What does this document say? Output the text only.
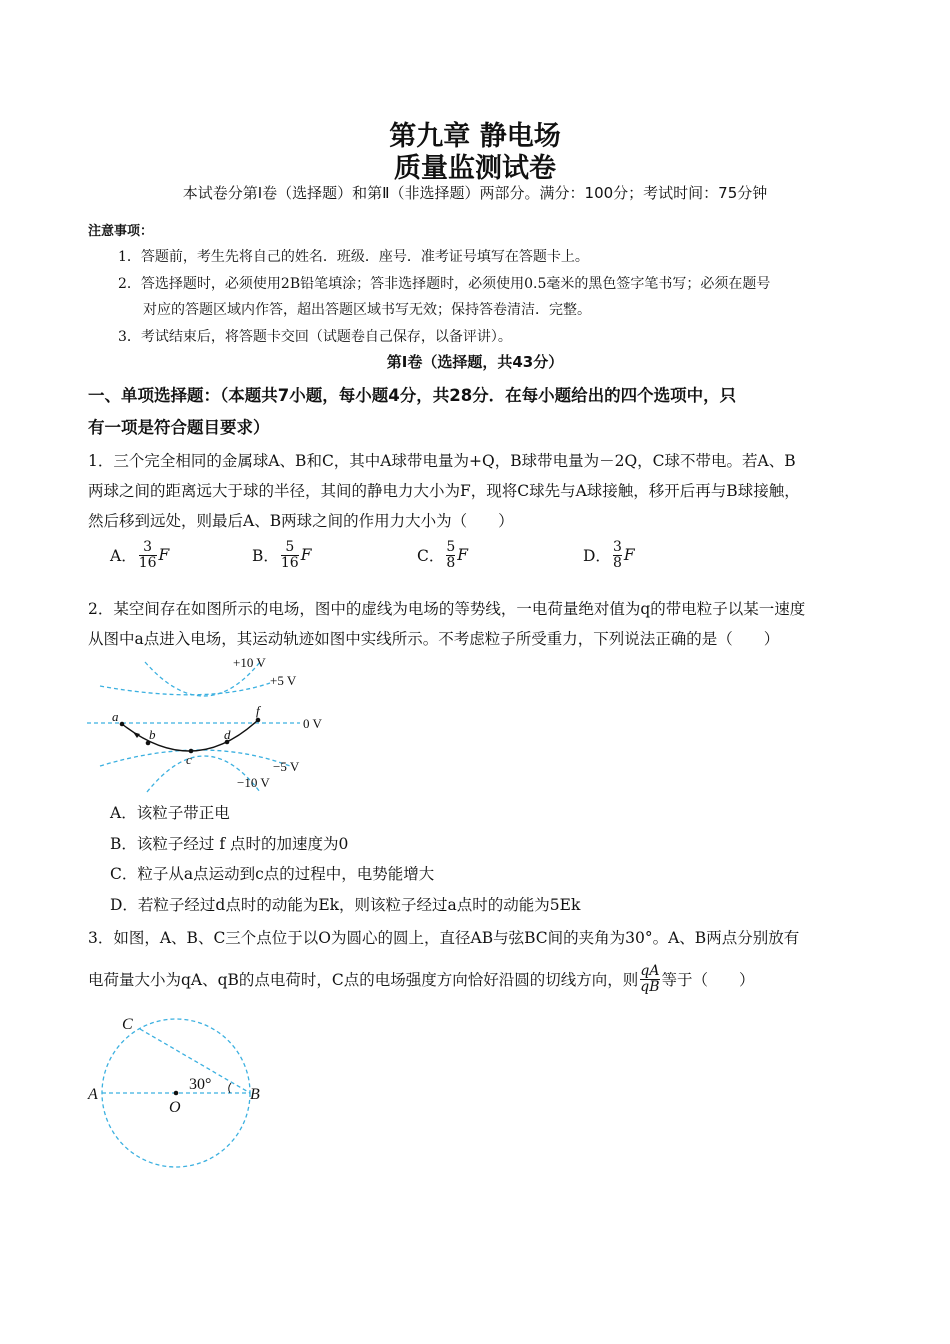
第九章 静电场
质量监测试卷
本试卷分第Ⅰ卷（选择题）和第Ⅱ（非选择题）两部分。满分：100分；考试时间：75分钟
注意事项：
1．答题前，考生先将自己的姓名．班级．座号．准考证号填写在答题卡上。
2．答选择题时，必须使用2B铅笔填涂；答非选择题时，必须使用0.5毫米的黑色签字笔书写；必须在题号
对应的答题区域内作答，超出答题区域书写无效；保持答卷清洁．完整。
3．考试结束后，将答题卡交回（试题卷自己保存，以备评讲）。
第Ⅰ卷（选择题，共43分）
一、单项选择题：（本题共7小题，每小题4分，共28分．在每小题给出的四个选项中，只
有一项是符合题目要求）
1．三个完全相同的金属球A、B和C，其中A球带电量为+Q，B球带电量为－2Q，C球不带电。若A、B
两球之间的距离远大于球的半径，其间的静电力大小为F，现将C球先与A球接触，移开后再与B球接触，
然后移到远处，则最后A、B两球之间的作用力大小为（　　）
A． $\frac{3}{16}$ F	B． $\frac{5}{16}$ F	C． $\frac{5}{8}$ F	D． $\frac{3}{8}$ F
2．某空间存在如图所示的电场，图中的虚线为电场的等势线，一电荷量绝对值为q的带电粒子以某一速度
从图中a点进入电场，其运动轨迹如图中实线所示。不考虑粒子所受重力，下列说法正确的是（　　）
+10 V
+5 V
0 V
−5 V
−10 V
a
b
c
d
f
A．该粒子带正电
B．该粒子经过 f 点时的加速度为0
C．粒子从a点运动到c点的过程中，电势能增大
D．若粒子经过d点时的动能为Ek，则该粒子经过a点时的动能为5Ek
3．如图，A、B、C三个点位于以O为圆心的圆上，直径AB与弦BC间的夹角为30°。A、B两点分别放有
电荷量大小为qA、qB的点电荷时，C点的电场强度方向恰好沿圆的切线方向，则 $\frac{qA}{qB}$ 等于（　　）
C
A
O
30°
B
